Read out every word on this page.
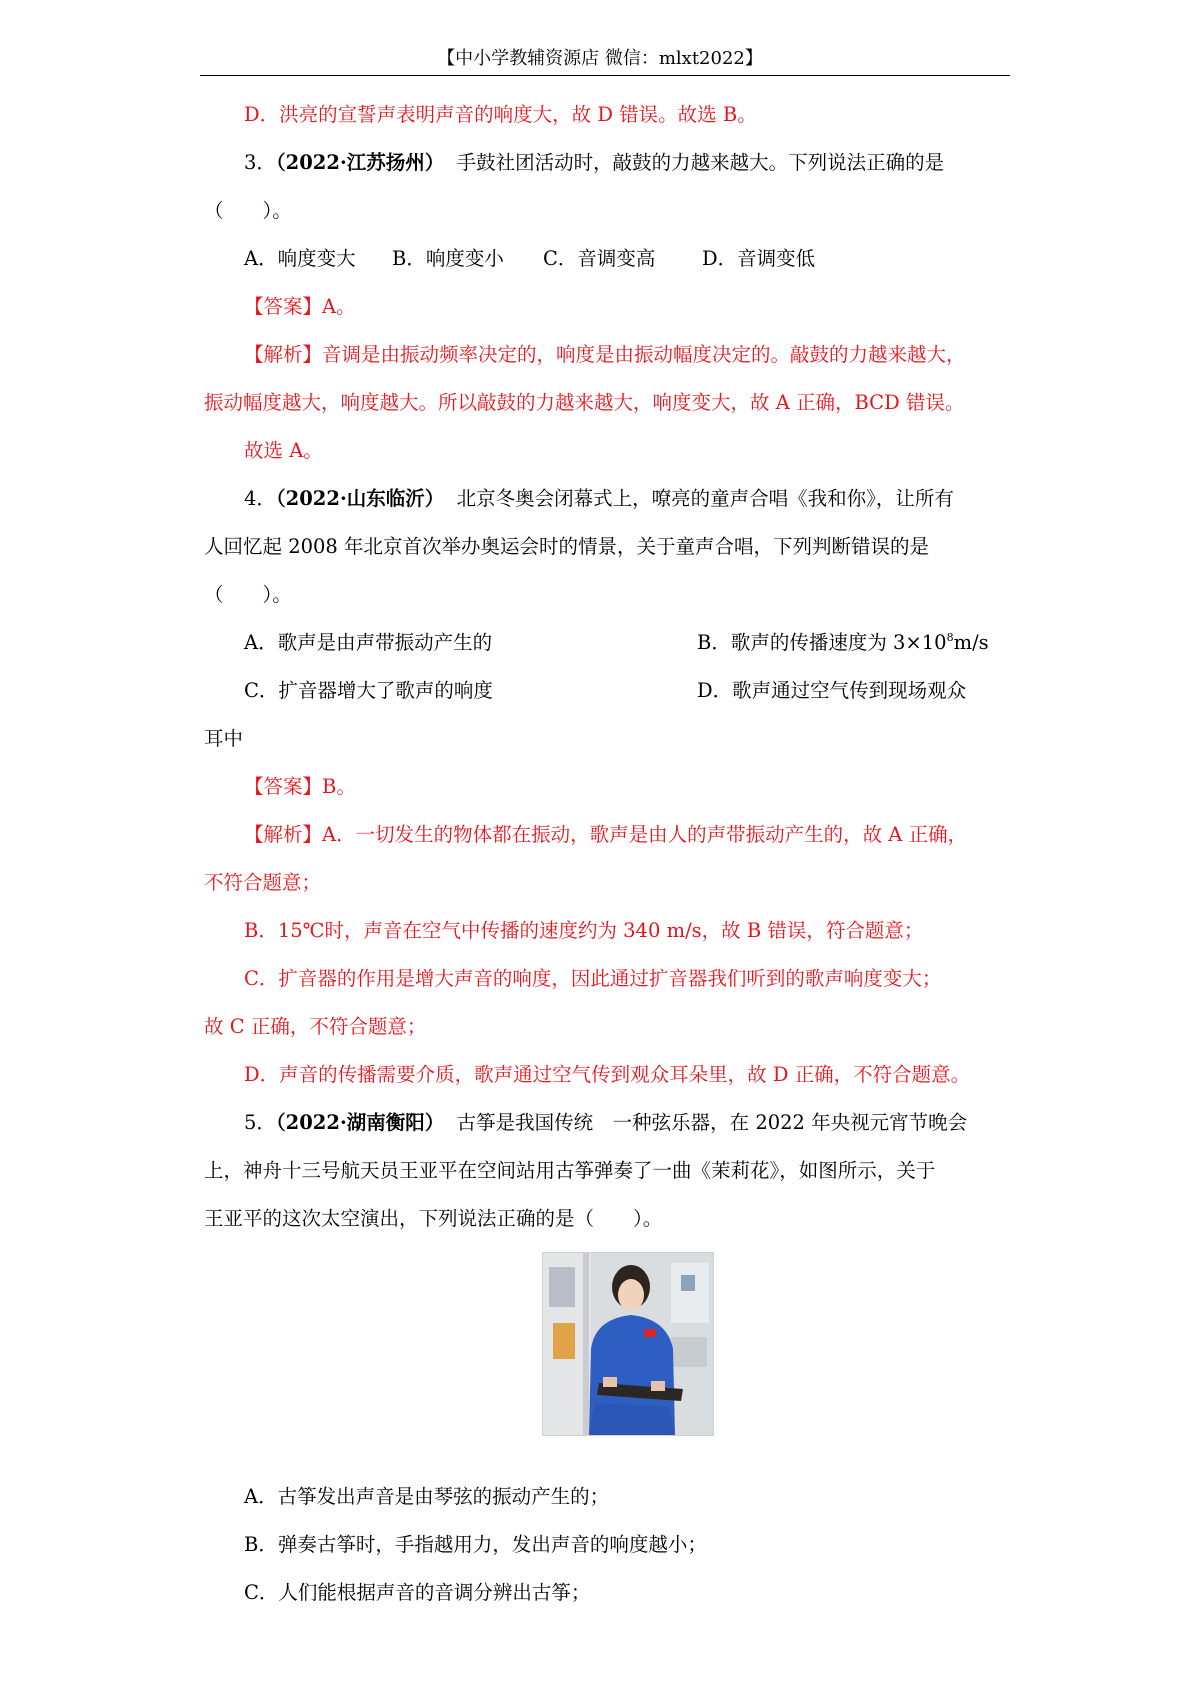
【中小学教辅资源店 微信：mlxt2022】
D．洪亮的宣誓声表明声音的响度大，故 D 错误。故选 B。
3．（2022·江苏扬州） 手鼓社团活动时，敲鼓的力越来越大。下列说法正确的是
（　　）。
A．响度变大 B．响度变小 C．音调变高 D．音调变低
【答案】A。
【解析】音调是由振动频率决定的，响度是由振动幅度决定的。敲鼓的力越来越大，
振动幅度越大，响度越大。所以敲鼓的力越来越大，响度变大，故 A 正确，BCD 错误。
故选 A。
4．（2022·山东临沂） 北京冬奥会闭幕式上，嘹亮的童声合唱《我和你》，让所有
人回忆起 2008 年北京首次举办奥运会时的情景，关于童声合唱，下列判断错误的是
（　　）。
A．歌声是由声带振动产生的	B．歌声的传播速度为 $3\times 10^8m/s$
C．扩音器增大了歌声的响度	D．歌声通过空气传到现场观众
耳中
【答案】B。
【解析】A．一切发生的物体都在振动，歌声是由人的声带振动产生的，故 A 正确，
不符合题意；
B．15℃时，声音在空气中传播的速度约为 340 m/s，故 B 错误，符合题意；
C．扩音器的作用是增大声音的响度，因此通过扩音器我们听到的歌声响度变大；
故 C 正确，不符合题意；
D．声音的传播需要介质，歌声通过空气传到观众耳朵里，故 D 正确，不符合题意。
5．（2022·湖南衡阳） 古筝是我国传统　一种弦乐器，在 2022 年央视元宵节晚会
上，神舟十三号航天员王亚平在空间站用古筝弹奏了一曲《茉莉花》，如图所示，关于
王亚平的这次太空演出，下列说法正确的是（　　）。
A．古筝发出声音是由琴弦的振动产生的；
B．弹奏古筝时，手指越用力，发出声音的响度越小；
C．人们能根据声音的音调分辨出古筝；
